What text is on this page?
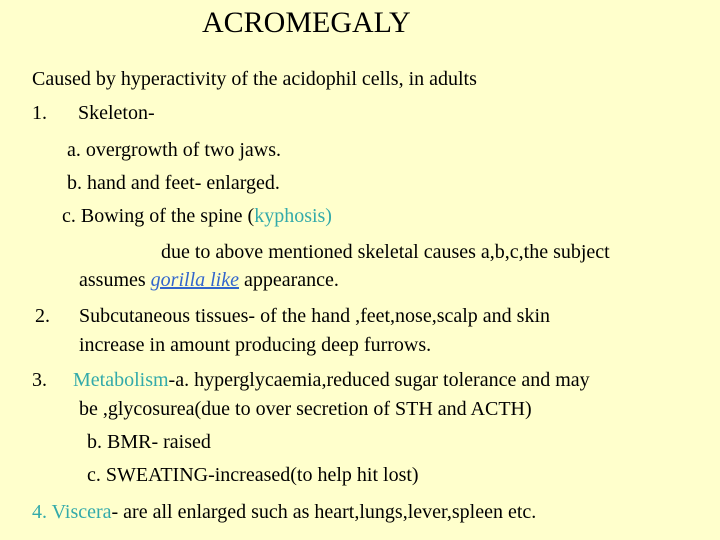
ACROMEGALY
Caused by hyperactivity of the acidophil cells, in adults
1. Skeleton-
a. overgrowth of two jaws.
b. hand and feet- enlarged.
c. Bowing of the spine (kyphosis)
due to above mentioned skeletal causes a,b,c,the subject
assumes gorilla like appearance.
2. Subcutaneous tissues- of the hand ,feet,nose,scalp and skin
increase in amount producing deep furrows.
3. Metabolism-a. hyperglycaemia,reduced sugar tolerance and may
be ,glycosurea(due to over secretion of STH and ACTH)
b. BMR- raised
c. SWEATING-increased(to help hit lost)
4. Viscera- are all enlarged such as heart,lungs,lever,spleen etc.
